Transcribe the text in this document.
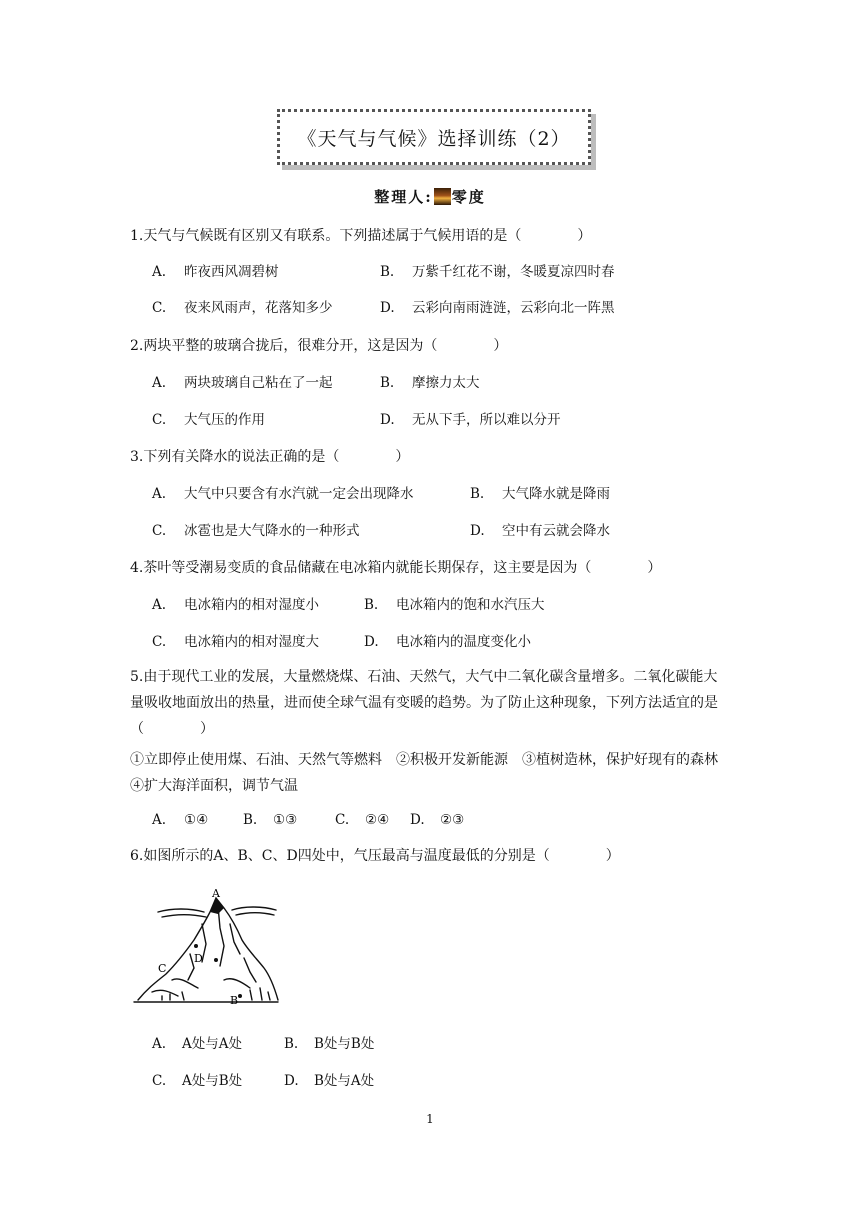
《天气与气候》选择训练（2）
整理人: 零度
1.天气与气候既有区别又有联系。下列描述属于气候用语的是（　　　　）
A. 昨夜西风凋碧树	B. 万紫千红花不谢，冬暖夏凉四时春
C. 夜来风雨声，花落知多少	D. 云彩向南雨涟涟，云彩向北一阵黑
2.两块平整的玻璃合拢后，很难分开，这是因为（　　　　）
A. 两块玻璃自己粘在了一起	B. 摩擦力太大
C. 大气压的作用	D. 无从下手，所以难以分开
3.下列有关降水的说法正确的是（　　　　）
A. 大气中只要含有水汽就一定会出现降水	B. 大气降水就是降雨
C. 冰雹也是大气降水的一种形式	D. 空中有云就会降水
4.茶叶等受潮易变质的食品储藏在电冰箱内就能长期保存，这主要是因为（　　　　）
A. 电冰箱内的相对湿度小	B. 电冰箱内的饱和水汽压大
C. 电冰箱内的相对湿度大	D. 电冰箱内的温度变化小
5.由于现代工业的发展，大量燃烧煤、石油、天然气，大气中二氧化碳含量增多。二氧化碳能大量吸收地面放出的热量，进而使全球气温有变暖的趋势。为了防止这种现象，下列方法适宜的是（　　　　）
①立即停止使用煤、石油、天然气等燃料　②积极开发新能源　③植树造林，保护好现有的森林④扩大海洋面积，调节气温
A. ①④	B. ①③	C. ②④ D. ②③
6.如图所示的A、B、C、D四处中，气压最高与温度最低的分别是（　　　　）
A
B
C
D
A. A处与A处	B. B处与B处
C. A处与B处	D. B处与A处
1
